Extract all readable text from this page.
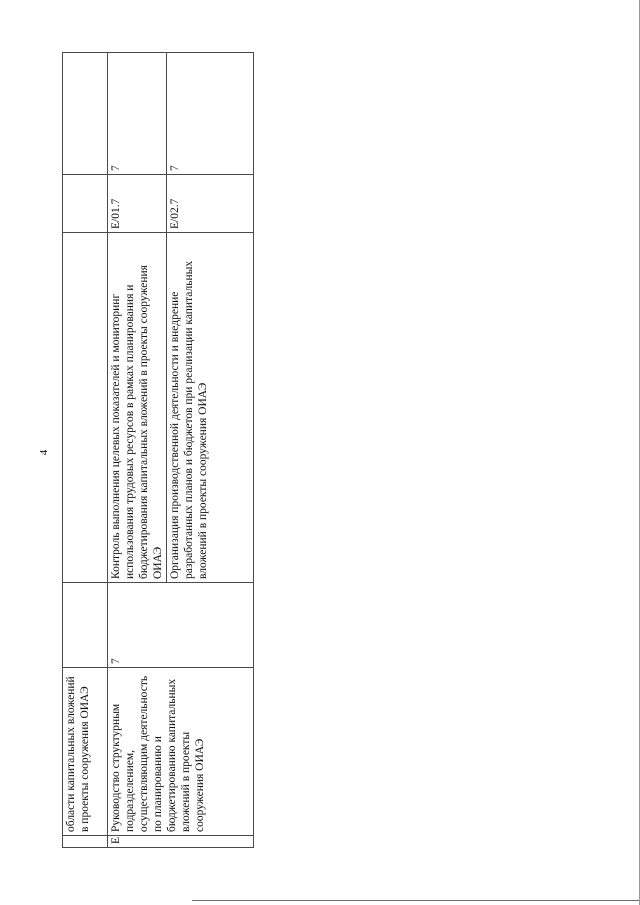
4
	области капитальных вложений в проекты сооружения ОИАЭ				
Е	Руководство структурным подразделением, осуществляющим деятельность по планированию и бюджетированию капитальных вложений в проекты сооружения ОИАЭ	7	Контроль выполнения целевых показателей и мониторинг использования трудовых ресурсов в рамках планирования и бюджетирования капитальных вложений в проекты сооружения ОИАЭ	E/01.7	7
			Организация производственной деятельности и внедрение разработанных планов и бюджетов при реализации капитальных вложений в проекты сооружения ОИАЭ	E/02.7	7
